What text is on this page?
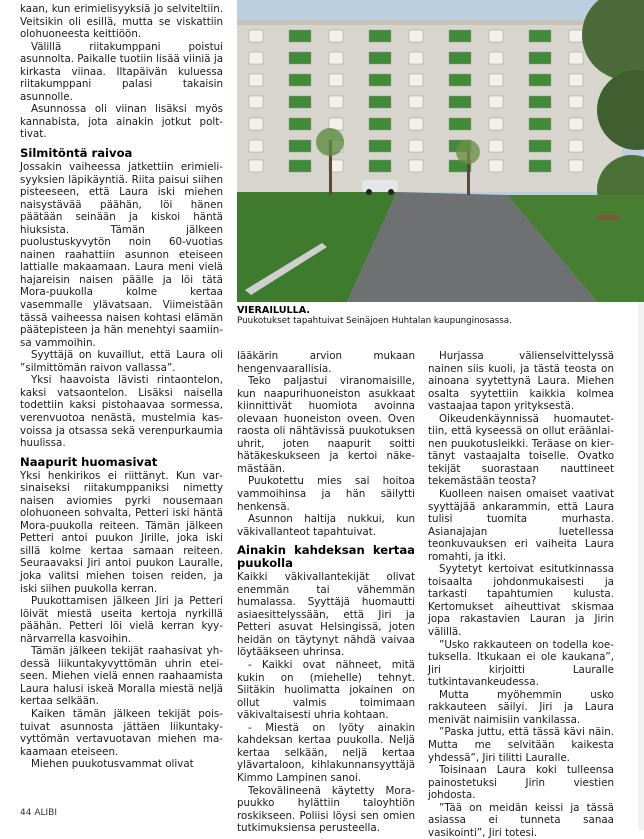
kaan, kun erimielisyyksiä jo selviteltiin. Veitsikin oli esillä, mutta se viskattiin olohuoneesta keittiöön.

Välillä riitakumppani poistui asunnolta. Paikalle tuotiin lisää viiniä ja kirkasta viinaa. Iltapäivän kuluessa riitakumppani palasi takaisin asunnolle.

Asunnossa oli viinan lisäksi myös kannabista, jota ainakin jotkut polttivat.

Silmitöntä raivoa

Jossakin vaiheessa jatkettiin erimielisyyksien läpikäyntiä. Riita paisui siihen pisteeseen, että Laura iski miehen naisystävää päähän, löi hänen päätään seinään ja kiskoi häntä hiuksista. Tämän jälkeen puolustuskyvytön noin 60-vuotias nainen raahattiin asunnon eteiseen lattialle makaamaan. Laura meni vielä hajareisin naisen päälle ja löi tätä Mora-puukolla kolme kertaa vasemmalle ylävatsaan. Viimeistään tässä vaiheessa naisen kohtasi elämän päätepisteen ja hän menehtyi saamiinsa vammoihin.

Syyttäjä on kuvaillut, että Laura oli ”silmittömän raivon vallassa”.

Yksi haavoista lävisti rintaontelon, kaksi vatsaontelon. Lisäksi naisella todettiin kaksi pistohaavaa sormessa, verenvuotoa nenästä, mustelmia kasvoissa ja otsassa sekä verenpurkaumia huulissa.

Naapurit huomasivat

Yksi henkirikos ei riittänyt. Kun varsinaiseksi riitakumppaniksi nimetty naisen aviomies pyrki nousemaan olohuoneen sohvalta, Petteri iski häntä Mora-puukolla reiteen. Tämän jälkeen Petteri antoi puukon Jirille, joka iski sillä kolme kertaa samaan reiteen. Seuraavaksi Jiri antoi puukon Lauralle, joka valitsi miehen toisen reiden, ja iski siihen puukolla kerran.

Puukottamisen jälkeen Jiri ja Petteri löivät miestä useita kertoja nyrkillä päähän. Petteri löi vielä kerran kyynärvarrella kasvoihin.

Tämän jälkeen tekijät raahasivat yhdessä liikuntakyvyttömän uhrin eteiseen. Miehen vielä ennen raahaamista Laura halusi iskeä Moralla miestä neljä kertaa selkään.

Kaiken tämän jälkeen tekijät poistuivat asunnosta jättäen liikuntakyvyttömän vertavuotavan miehen makaamaan eteiseen.

Miehen puukotusvammat olivat

VIERAILULLA.
Puukotukset tapahtuivat Seinäjoen Huhtalan kaupunginosassa.

lääkärin arvion mukaan hengenvaarallisia.

Teko paljastui viranomaisille, kun naapurihuoneiston asukkaat kiinnittivät huomiota avoinna olevaan huoneiston oveen. Oven raosta oli nähtävissä puukotuksen uhrit, joten naapurit soitti hätäkeskukseen ja kertoi näkemästään.

Puukotettu mies sai hoitoa vammoihinsa ja hän säilytti henkensä.

Asunnon haltija nukkui, kun väkivallanteot tapahtuivat.

Ainakin kahdeksan kertaa puukolla

Kaikki väkivallantekijät olivat enemmän tai vähemmän humalassa. Syyttäjä huomautti asiaesittelyssään, että Jiri ja Petteri asuvat Helsingissä, joten heidän on täytynyt nähdä vaivaa löytääkseen uhrinsa.

- Kaikki ovat nähneet, mitä kukin on (miehelle) tehnyt. Siitäkin huolimatta jokainen on ollut valmis toimimaan väkivaltaisesti uhria kohtaan.

- Miestä on lyöty ainakin kahdeksan kertaa puukolla. Neljä kertaa selkään, neljä kertaa ylävartaloon, kihlakunnansyyttäjä Kimmo Lampinen sanoi.

Tekovälineenä käytetty Mora-puukko hylättiin taloyhtiön roskikseen. Poliisi löysi sen omien tutkimuksiensa perusteella.

Hurjassa välienselvittelyssä nainen siis kuoli, ja tästä teosta on ainoana syytettynä Laura. Miehen osalta syytettiin kaikkia kolmea vastaajaa tapon yrityksestä.

Oikeudenkäynnissä huomautettiin, että kyseessä on ollut eräänlainen puukotusleikki. Teräase on kiertänyt vastaajalta toiselle. Ovatko tekijät suorastaan nauttineet tekemästään teosta?

Kuolleen naisen omaiset vaativat syyttäjää ankarammin, että Laura tulisi tuomita murhasta. Asianajajan luetellessa teonkuvauksen eri vaiheita Laura romahti, ja itki.

Syytetyt kertoivat esitutkinnassa toisaalta johdonmukaisesti ja tarkasti tapahtumien kulusta. Kertomukset aiheuttivat skismaa jopa rakastavien Lauran ja Jirin välillä.

”Usko rakkauteen on todella koetuksella. Itkukaan ei ole kaukana”, Jiri kirjoitti Lauralle tutkintavankeudessa.

Mutta myöhemmin usko rakkauteen säilyi. Jiri ja Laura menivät naimisiin vankilassa.

”Paska juttu, että tässä kävi näin. Mutta me selvitään kaikesta yhdessä”, Jiri tilitti Lauralle.

Toisinaan Laura koki tulleensa painostetuksi Jirin viestien johdosta.

”Tää on meidän keissi ja tässä asiassa ei tunneta sanaa vasikointi”, Jiri totesi.

44 ALIBI
